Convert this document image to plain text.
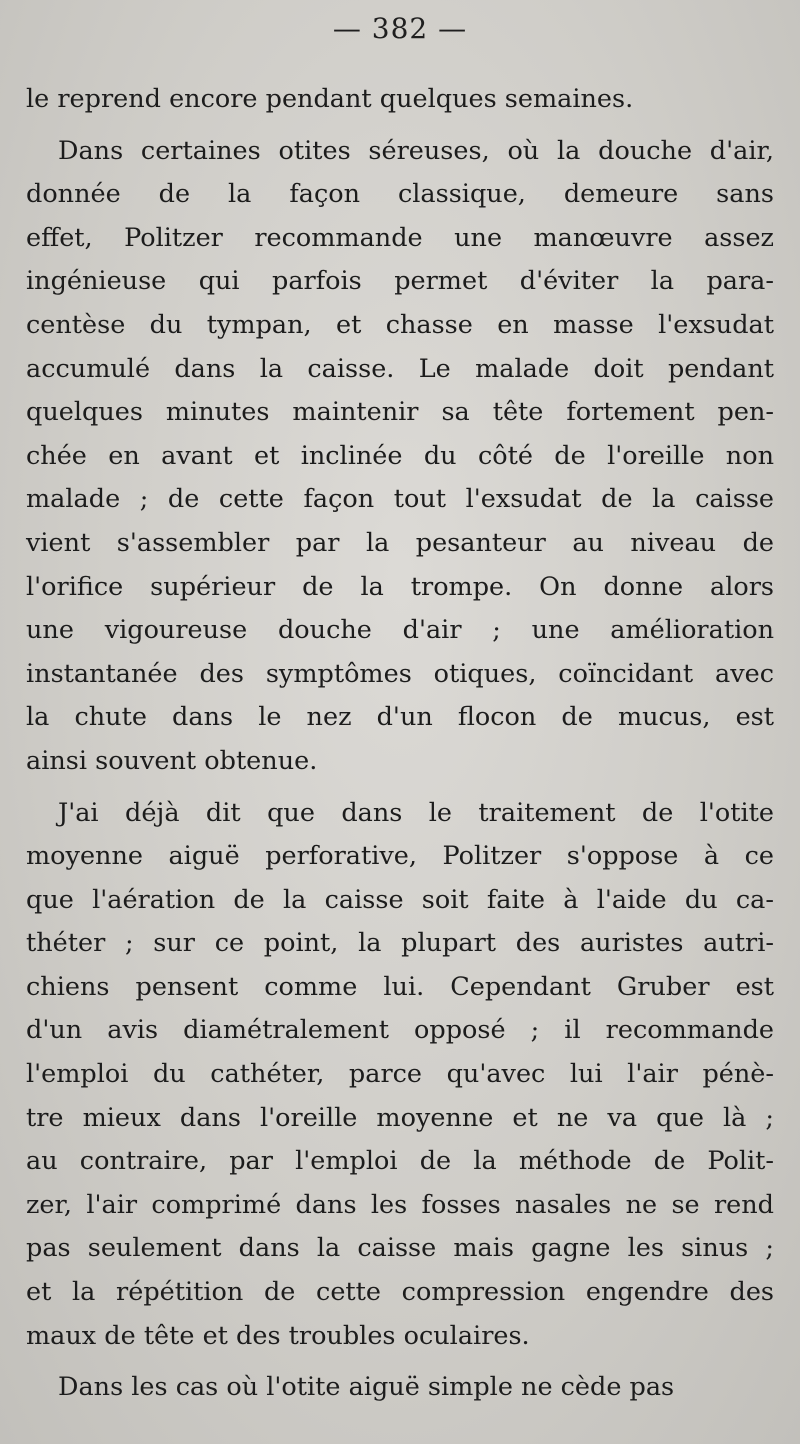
— 382 —
le reprend encore pendant quelques semaines.
Dans certaines otites séreuses, où la douche d'air,
donnée de la façon classique, demeure sans
effet, Politzer recommande une manœuvre assez
ingénieuse qui parfois permet d'éviter la para-
centèse du tympan, et chasse en masse l'exsudat
accumulé dans la caisse. Le malade doit pendant
quelques minutes maintenir sa tête fortement pen-
chée en avant et inclinée du côté de l'oreille non
malade ; de cette façon tout l'exsudat de la caisse
vient s'assembler par la pesanteur au niveau de
l'orifice supérieur de la trompe. On donne alors
une vigoureuse douche d'air ; une amélioration
instantanée des symptômes otiques, coïncidant avec
la chute dans le nez d'un flocon de mucus, est
ainsi souvent obtenue.
J'ai déjà dit que dans le traitement de l'otite
moyenne aiguë perforative, Politzer s'oppose à ce
que l'aération de la caisse soit faite à l'aide du ca-
théter ; sur ce point, la plupart des auristes autri-
chiens pensent comme lui. Cependant Gruber est
d'un avis diamétralement opposé ; il recommande
l'emploi du cathéter, parce qu'avec lui l'air pénè-
tre mieux dans l'oreille moyenne et ne va que là ;
au contraire, par l'emploi de la méthode de Polit-
zer, l'air comprimé dans les fosses nasales ne se rend
pas seulement dans la caisse mais gagne les sinus ;
et la répétition de cette compression engendre des
maux de tête et des troubles oculaires.
Dans les cas où l'otite aiguë simple ne cède pas
